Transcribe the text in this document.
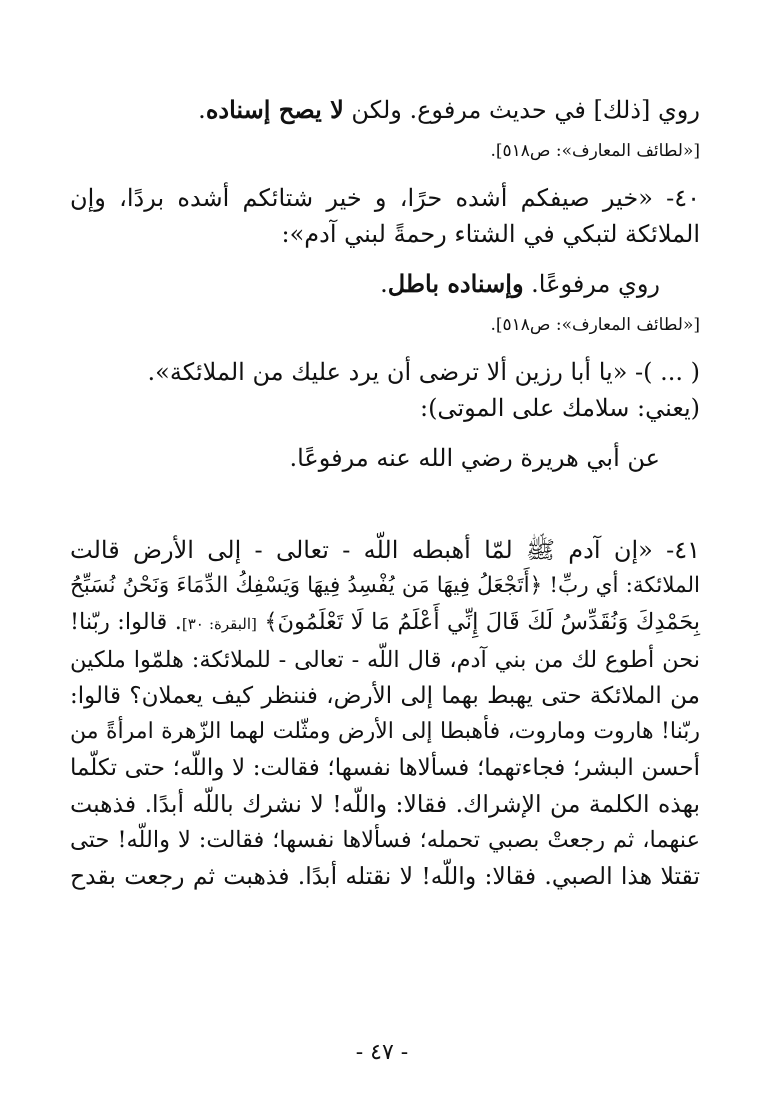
روي [ذلك] في حديث مرفوع. ولكن لا يصح إسناده.

[«لطائف المعارف»: ص٥١٨].

٤٠- «خير صيفكم أشده حرًا، و خير شتائكم أشده بردًا، وإن

الملائكة لتبكي في الشتاء رحمةً لبني آدم»:

روي مرفوعًا. وإسناده باطل.

[«لطائف المعارف»: ص٥١٨].

( ... )- «يا أبا رزين ألا ترضى أن يرد عليك من الملائكة».

(يعني: سلامك على الموتى):

عن أبي هريرة رضي الله عنه مرفوعًا.

٤١- «إن آدم ﷺ لمّا أهبطه اللّه - تعالى - إلى الأرض قالت

الملائكة: أي ربِّ! ﴿أَتَجْعَلُ فِيهَا مَن يُفْسِدُ فِيهَا وَيَسْفِكُ الدِّمَاءَ وَنَحْنُ نُسَبِّحُ

بِحَمْدِكَ وَنُقَدِّسُ لَكَ قَالَ إِنِّي أَعْلَمُ مَا لَا تَعْلَمُونَ﴾ [البقرة: ٣٠]. قالوا: ربّنا!

نحن أطوع لك من بني آدم، قال اللّه - تعالى - للملائكة: هلمّوا ملكين

من الملائكة حتى يهبط بهما إلى الأرض، فننظر كيف يعملان؟ قالوا:

ربّنا! هاروت وماروت، فأهبطا إلى الأرض ومثّلت لهما الزّهرة امرأةً من

أحسن البشر؛ فجاءتهما؛ فسألاها نفسها؛ فقالت: لا واللّه؛ حتى تكلّما

بهذه الكلمة من الإشراك. فقالا: واللّه! لا نشرك باللّه أبدًا. فذهبت

عنهما، ثم رجعتْ بصبي تحمله؛ فسألاها نفسها؛ فقالت: لا واللّه! حتى

تقتلا هذا الصبي. فقالا: واللّه! لا نقتله أبدًا. فذهبت ثم رجعت بقدح

- ٤٧ -
